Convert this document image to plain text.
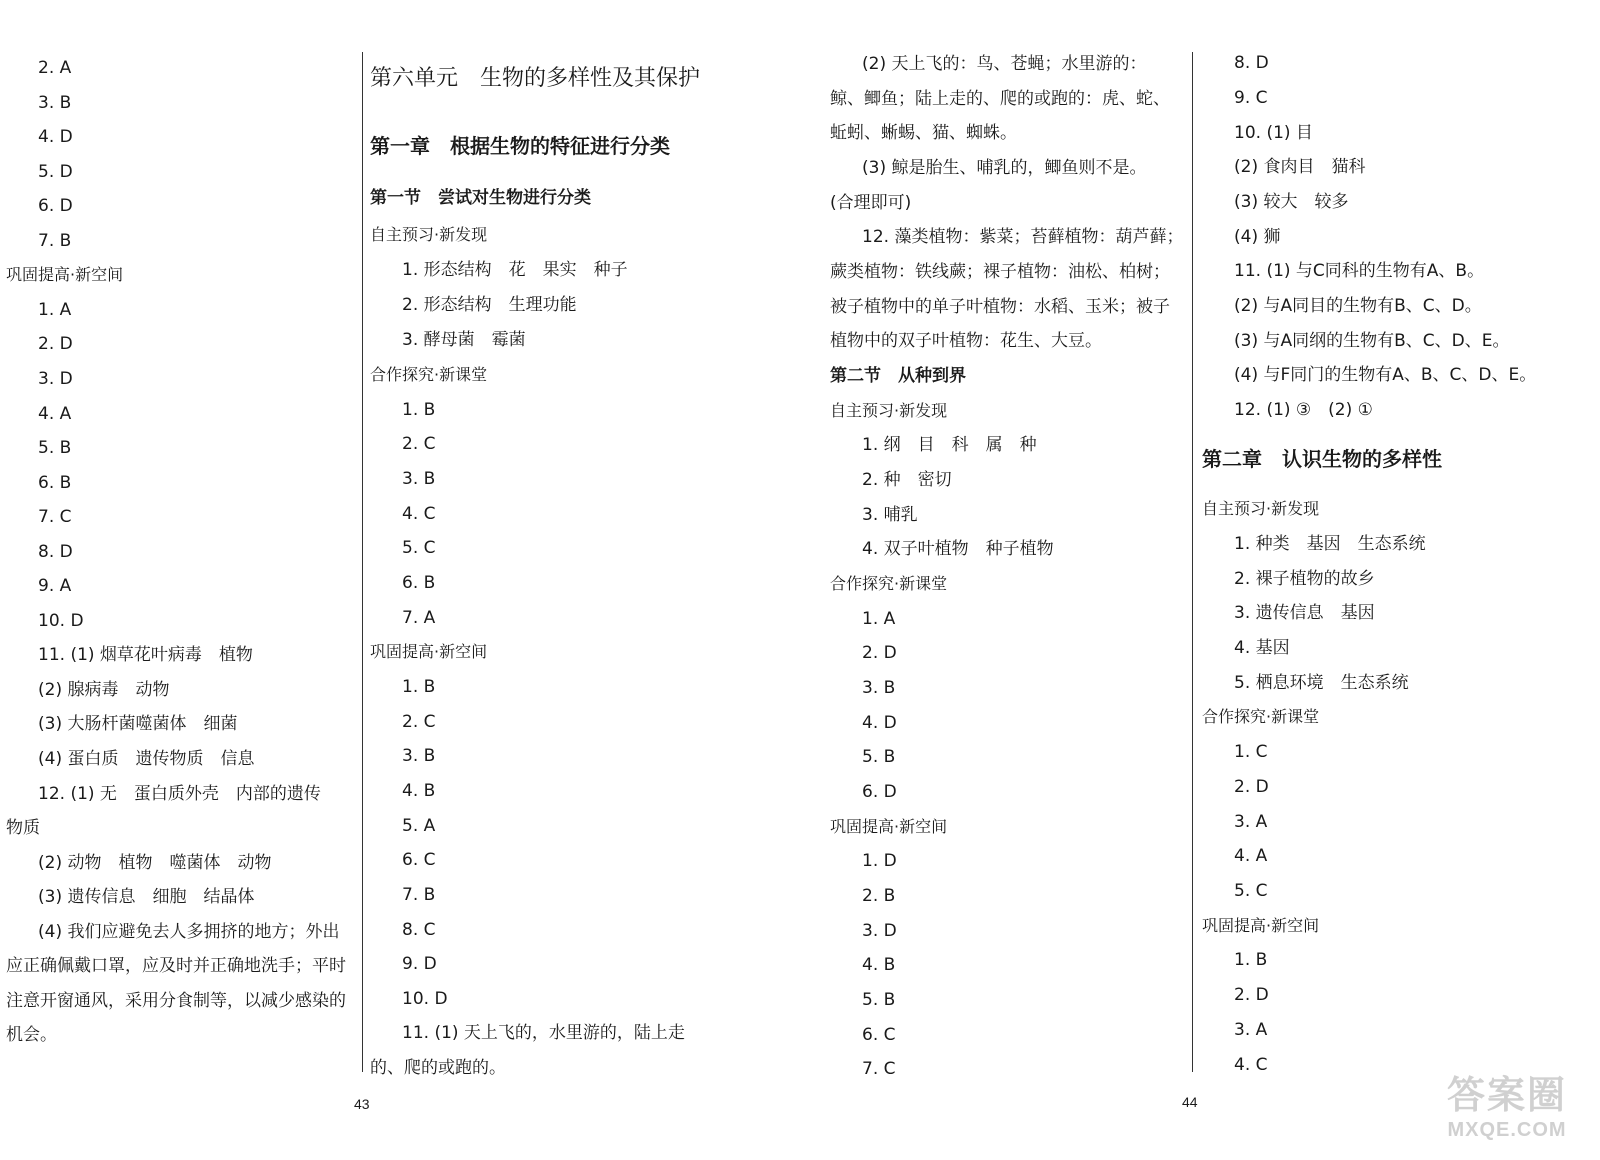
2. A
3. B
4. D
5. D
6. D
7. B
巩固提高·新空间
1. A
2. D
3. D
4. A
5. B
6. B
7. C
8. D
9. A
10. D
11. (1) 烟草花叶病毒　植物
(2) 腺病毒　动物
(3) 大肠杆菌噬菌体　细菌
(4) 蛋白质　遗传物质　信息
12. (1) 无　蛋白质外壳　内部的遗传
物质
(2) 动物　植物　噬菌体　动物
(3) 遗传信息　细胞　结晶体
(4) 我们应避免去人多拥挤的地方；外出
应正确佩戴口罩，应及时并正确地洗手；平时
注意开窗通风，采用分食制等，以减少感染的
机会。
第六单元　生物的多样性及其保护
第一章　根据生物的特征进行分类
第一节　尝试对生物进行分类
自主预习·新发现
1. 形态结构　花　果实　种子
2. 形态结构　生理功能
3. 酵母菌　霉菌
合作探究·新课堂
1. B
2. C
3. B
4. C
5. C
6. B
7. A
巩固提高·新空间
1. B
2. C
3. B
4. B
5. A
6. C
7. B
8. C
9. D
10. D
11. (1) 天上飞的，水里游的，陆上走
的、爬的或跑的。
(2) 天上飞的：鸟、苍蝇；水里游的：
鲸、鲫鱼；陆上走的、爬的或跑的：虎、蛇、
蚯蚓、蜥蜴、猫、蜘蛛。
(3) 鲸是胎生、哺乳的，鲫鱼则不是。
(合理即可)
12. 藻类植物：紫菜；苔藓植物：葫芦藓；
蕨类植物：铁线蕨；裸子植物：油松、柏树；
被子植物中的单子叶植物：水稻、玉米；被子
植物中的双子叶植物：花生、大豆。
第二节　从种到界
自主预习·新发现
1. 纲　目　科　属　种
2. 种　密切
3. 哺乳
4. 双子叶植物　种子植物
合作探究·新课堂
1. A
2. D
3. B
4. D
5. B
6. D
巩固提高·新空间
1. D
2. B
3. D
4. B
5. B
6. C
7. C
8. D
9. C
10. (1) 目
(2) 食肉目　猫科
(3) 较大　较多
(4) 狮
11. (1) 与C同科的生物有A、B。
(2) 与A同目的生物有B、C、D。
(3) 与A同纲的生物有B、C、D、E。
(4) 与F同门的生物有A、B、C、D、E。
12. (1) ③　(2) ①
第二章　认识生物的多样性
自主预习·新发现
1. 种类　基因　生态系统
2. 裸子植物的故乡
3. 遗传信息　基因
4. 基因
5. 栖息环境　生态系统
合作探究·新课堂
1. C
2. D
3. A
4. A
5. C
巩固提高·新空间
1. B
2. D
3. A
4. C
43	44	答案圈
MXQE.COM
